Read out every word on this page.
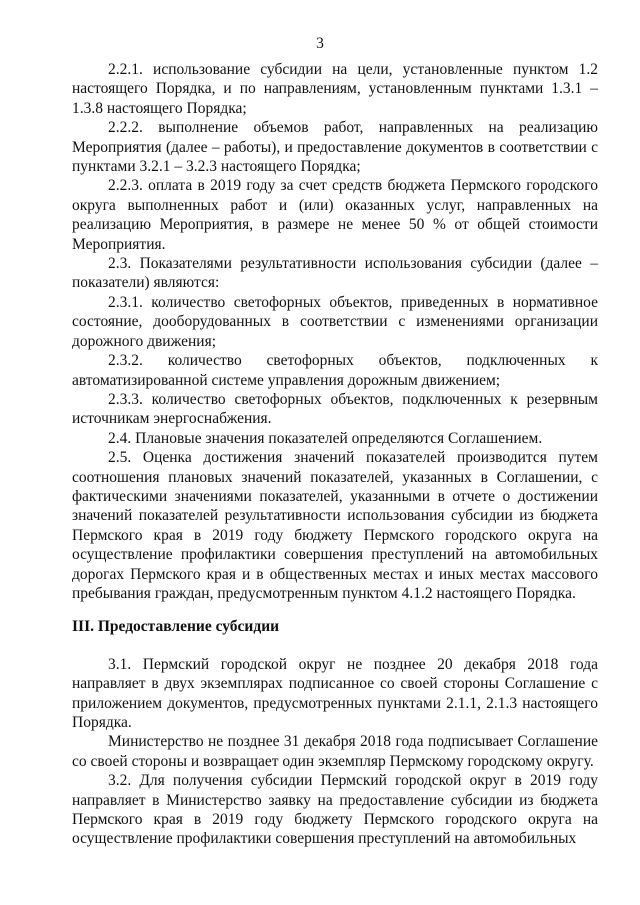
3

2.2.1. использование субсидии на цели, установленные пунктом 1.2 настоящего Порядка, и по направлениям, установленным пунктами 1.3.1 – 1.3.8 настоящего Порядка;

2.2.2. выполнение объемов работ, направленных на реализацию Мероприятия (далее – работы), и предоставление документов в соответствии с пунктами 3.2.1 – 3.2.3 настоящего Порядка;

2.2.3. оплата в 2019 году за счет средств бюджета Пермского городского округа выполненных работ и (или) оказанных услуг, направленных на реализацию Мероприятия, в размере не менее 50 % от общей стоимости Мероприятия.

2.3. Показателями результативности использования субсидии (далее – показатели) являются:

2.3.1. количество светофорных объектов, приведенных в нормативное состояние, дооборудованных в соответствии с изменениями организации дорожного движения;

2.3.2. количество светофорных объектов, подключенных к автоматизированной системе управления дорожным движением;

2.3.3. количество светофорных объектов, подключенных к резервным источникам энергоснабжения.

2.4. Плановые значения показателей определяются Соглашением.

2.5. Оценка достижения значений показателей производится путем соотношения плановых значений показателей, указанных в Соглашении, с фактическими значениями показателей, указанными в отчете о достижении значений показателей результативности использования субсидии из бюджета Пермского края в 2019 году бюджету Пермского городского округа на осуществление профилактики совершения преступлений на автомобильных дорогах Пермского края и в общественных местах и иных местах массового пребывания граждан, предусмотренным пунктом 4.1.2 настоящего Порядка.

III. Предоставление субсидии

3.1. Пермский городской округ не позднее 20 декабря 2018 года направляет в двух экземплярах подписанное со своей стороны Соглашение с приложением документов, предусмотренных пунктами 2.1.1, 2.1.3 настоящего Порядка.

Министерство не позднее 31 декабря 2018 года подписывает Соглашение со своей стороны и возвращает один экземпляр Пермскому городскому округу.

3.2. Для получения субсидии Пермский городской округ в 2019 году направляет в Министерство заявку на предоставление субсидии из бюджета Пермского края в 2019 году бюджету Пермского городского округа на осуществление профилактики совершения преступлений на автомобильных
